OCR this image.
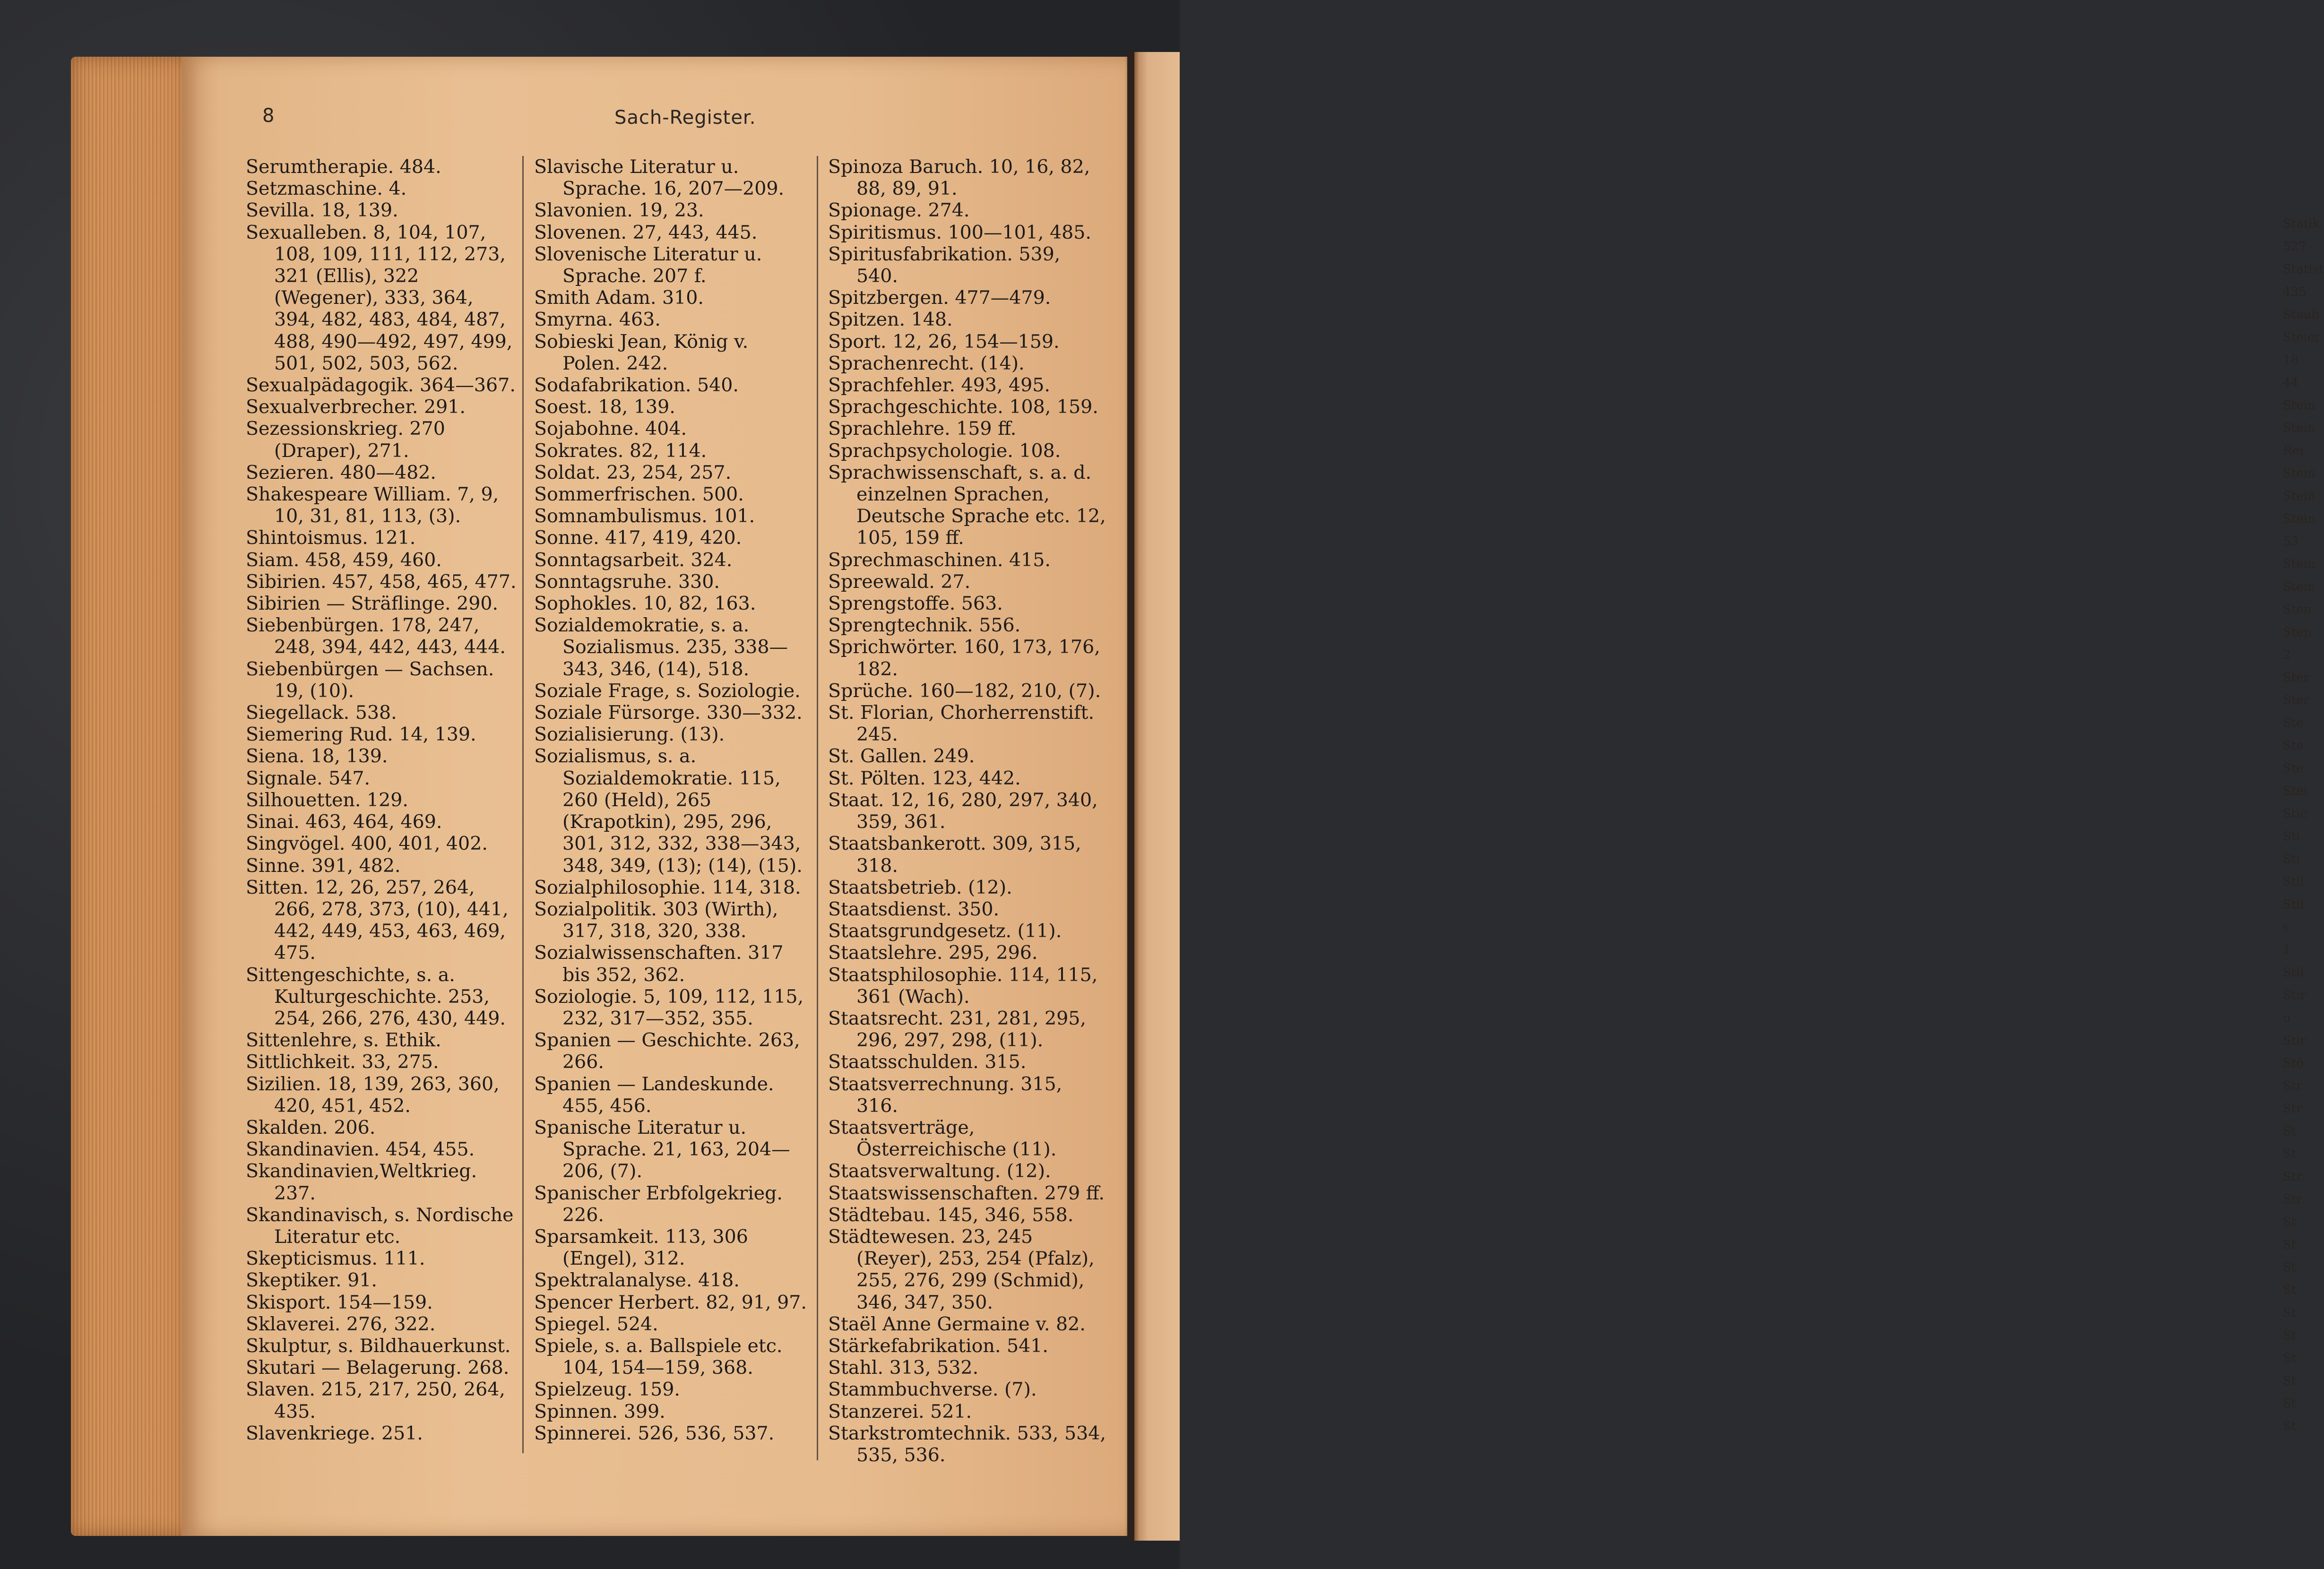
Statik.
527
Statist
435
Staub
Steier
18
44
Stein
Stein
Rei
Stein
Stein
Stein
53
Stein
Stein
Sten
Step
2
Ster
Ster
Ste
Ste
Ste
Stei
Stic
Sti
Sti
Stil
Stil
s
1
Stil
Stir
u
Stir
Stö
Str
Str
St
St
Str
Str
St
St
St
St
St
St
St
St
St
St
8	Sach-Register.

Serumtherapie. 484.

Setzmaschine. 4.

Sevilla. 18, 139.

Sexualleben. 8, 104, 107, 108, 109, 111, 112, 273, 321 (Ellis), 322 (Wegener), 333, 364, 394, 482, 483, 484, 487, 488, 490—492, 497, 499, 501, 502, 503, 562.

Sexualpädagogik. 364—367.

Sexualverbrecher. 291.

Sezessionskrieg. 270 (Draper), 271.

Sezieren. 480—482.

Shakespeare William. 7, 9, 10, 31, 81, 113, (3).

Shintoismus. 121.

Siam. 458, 459, 460.

Sibirien. 457, 458, 465, 477.

Sibirien — Sträflinge. 290.

Siebenbürgen. 178, 247, 248, 394, 442, 443, 444.

Siebenbürgen — Sachsen. 19, (10).

Siegellack. 538.

Siemering Rud. 14, 139.

Siena. 18, 139.

Signale. 547.

Silhouetten. 129.

Sinai. 463, 464, 469.

Singvögel. 400, 401, 402.

Sinne. 391, 482.

Sitten. 12, 26, 257, 264, 266, 278, 373, (10), 441, 442, 449, 453, 463, 469, 475.

Sittengeschichte, s. a. Kulturgeschichte. 253, 254, 266, 276, 430, 449.

Sittenlehre, s. Ethik.

Sittlichkeit. 33, 275.

Sizilien. 18, 139, 263, 360, 420, 451, 452.

Skalden. 206.

Skandinavien. 454, 455.

Skandinavien,Weltkrieg. 237.

Skandinavisch, s. Nordische Literatur etc.

Skepticismus. 111.

Skeptiker. 91.

Skisport. 154—159.

Sklaverei. 276, 322.

Skulptur, s. Bildhauerkunst.

Skutari — Belagerung. 268.

Slaven. 215, 217, 250, 264, 435.

Slavenkriege. 251.

Slavische Literatur u. Sprache. 16, 207—209.

Slavonien. 19, 23.

Slovenen. 27, 443, 445.

Slovenische Literatur u. Sprache. 207 f.

Smith Adam. 310.

Smyrna. 463.

Sobieski Jean, König v. Polen. 242.

Sodafabrikation. 540.

Soest. 18, 139.

Sojabohne. 404.

Sokrates. 82, 114.

Soldat. 23, 254, 257.

Sommerfrischen. 500.

Somnambulismus. 101.

Sonne. 417, 419, 420.

Sonntagsarbeit. 324.

Sonntagsruhe. 330.

Sophokles. 10, 82, 163.

Sozialdemokratie, s. a. Sozialismus. 235, 338—343, 346, (14), 518.

Soziale Frage, s. Soziologie.

Soziale Fürsorge. 330—332.

Sozialisierung. (13).

Sozialismus, s. a. Sozialdemokratie. 115, 260 (Held), 265 (Krapotkin), 295, 296, 301, 312, 332, 338—343, 348, 349, (13); (14), (15).

Sozialphilosophie. 114, 318.

Sozialpolitik. 303 (Wirth), 317, 318, 320, 338.

Sozialwissenschaften. 317 bis 352, 362.

Soziologie. 5, 109, 112, 115, 232, 317—352, 355.

Spanien — Geschichte. 263, 266.

Spanien — Landeskunde. 455, 456.

Spanische Literatur u. Sprache. 21, 163, 204—206, (7).

Spanischer Erbfolgekrieg. 226.

Sparsamkeit. 113, 306 (Engel), 312.

Spektralanalyse. 418.

Spencer Herbert. 82, 91, 97.

Spiegel. 524.

Spiele, s. a. Ballspiele etc. 104, 154—159, 368.

Spielzeug. 159.

Spinnen. 399.

Spinnerei. 526, 536, 537.

Spinoza Baruch. 10, 16, 82, 88, 89, 91.

Spionage. 274.

Spiritismus. 100—101, 485.

Spiritusfabrikation. 539, 540.

Spitzbergen. 477—479.

Spitzen. 148.

Sport. 12, 26, 154—159.

Sprachenrecht. (14).

Sprachfehler. 493, 495.

Sprachgeschichte. 108, 159.

Sprachlehre. 159 ff.

Sprachpsychologie. 108.

Sprachwissenschaft, s. a. d. einzelnen Sprachen, Deutsche Sprache etc. 12, 105, 159 ff.

Sprechmaschinen. 415.

Spreewald. 27.

Sprengstoffe. 563.

Sprengtechnik. 556.

Sprichwörter. 160, 173, 176, 182.

Sprüche. 160—182, 210, (7).

St. Florian, Chorherrenstift. 245.

St. Gallen. 249.

St. Pölten. 123, 442.

Staat. 12, 16, 280, 297, 340, 359, 361.

Staatsbankerott. 309, 315, 318.

Staatsbetrieb. (12).

Staatsdienst. 350.

Staatsgrundgesetz. (11).

Staatslehre. 295, 296.

Staatsphilosophie. 114, 115, 361 (Wach).

Staatsrecht. 231, 281, 295, 296, 297, 298, (11).

Staatsschulden. 315.

Staatsverrechnung. 315, 316.

Staatsverträge, Österreichische (11).

Staatsverwaltung. (12).

Staatswissenschaften. 279 ff.

Städtebau. 145, 346, 558.

Städtewesen. 23, 245 (Reyer), 253, 254 (Pfalz), 255, 276, 299 (Schmid), 346, 347, 350.

Staël Anne Germaine v. 82.

Stärkefabrikation. 541.

Stahl. 313, 532.

Stammbuchverse. (7).

Stanzerei. 521.

Starkstromtechnik. 533, 534, 535, 536.
